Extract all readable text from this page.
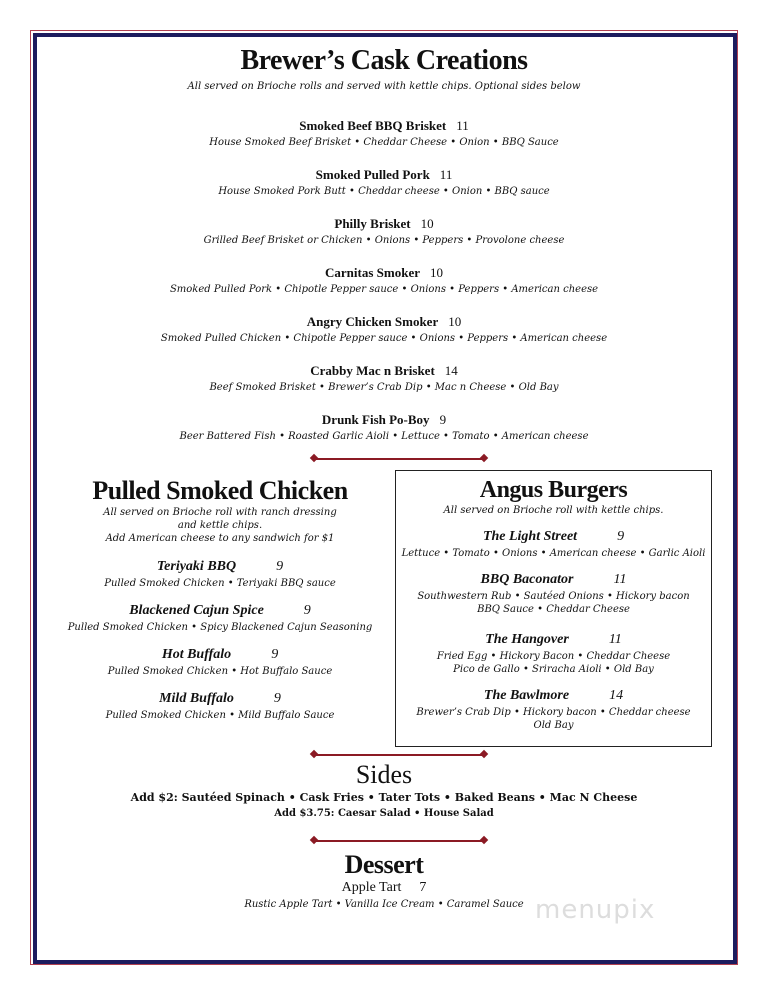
Brewer’s Cask Creations
All served on Brioche rolls and served with kettle chips. Optional sides below
Smoked Beef BBQ Brisket 11
House Smoked Beef Brisket • Cheddar Cheese • Onion • BBQ Sauce
Smoked Pulled Pork 11
House Smoked Pork Butt • Cheddar cheese • Onion • BBQ sauce
Philly Brisket 10
Grilled Beef Brisket or Chicken • Onions • Peppers • Provolone cheese
Carnitas Smoker 10
Smoked Pulled Pork • Chipotle Pepper sauce • Onions • Peppers • American cheese
Angry Chicken Smoker 10
Smoked Pulled Chicken • Chipotle Pepper sauce • Onions • Peppers • American cheese
Crabby Mac n Brisket 14
Beef Smoked Brisket • Brewer’s Crab Dip • Mac n Cheese • Old Bay
Drunk Fish Po-Boy 9
Beer Battered Fish • Roasted Garlic Aioli • Lettuce • Tomato • American cheese
Pulled Smoked Chicken
All served on Brioche roll with ranch dressing
and kettle chips.
Add American cheese to any sandwich for $1
Teriyaki BBQ	9
Pulled Smoked Chicken • Teriyaki BBQ sauce
Blackened Cajun Spice	9
Pulled Smoked Chicken • Spicy Blackened Cajun Seasoning
Hot Buffalo	9
Pulled Smoked Chicken • Hot Buffalo Sauce
Mild Buffalo	9
Pulled Smoked Chicken • Mild Buffalo Sauce
Angus Burgers
All served on Brioche roll with kettle chips.
The Light Street	9
Lettuce • Tomato • Onions • American cheese • Garlic Aioli
BBQ Baconator	11
Southwestern Rub • Sautéed Onions • Hickory bacon
BBQ Sauce • Cheddar Cheese
The Hangover	11
Fried Egg • Hickory Bacon • Cheddar Cheese
Pico de Gallo • Sriracha Aioli • Old Bay
The Bawlmore	14
Brewer’s Crab Dip • Hickory bacon • Cheddar cheese
Old Bay
Sides
Add $2: Sautéed Spinach • Cask Fries • Tater Tots • Baked Beans • Mac N Cheese
Add $3.75: Caesar Salad • House Salad
Dessert
Apple Tart 7
Rustic Apple Tart • Vanilla Ice Cream • Caramel Sauce menupix
